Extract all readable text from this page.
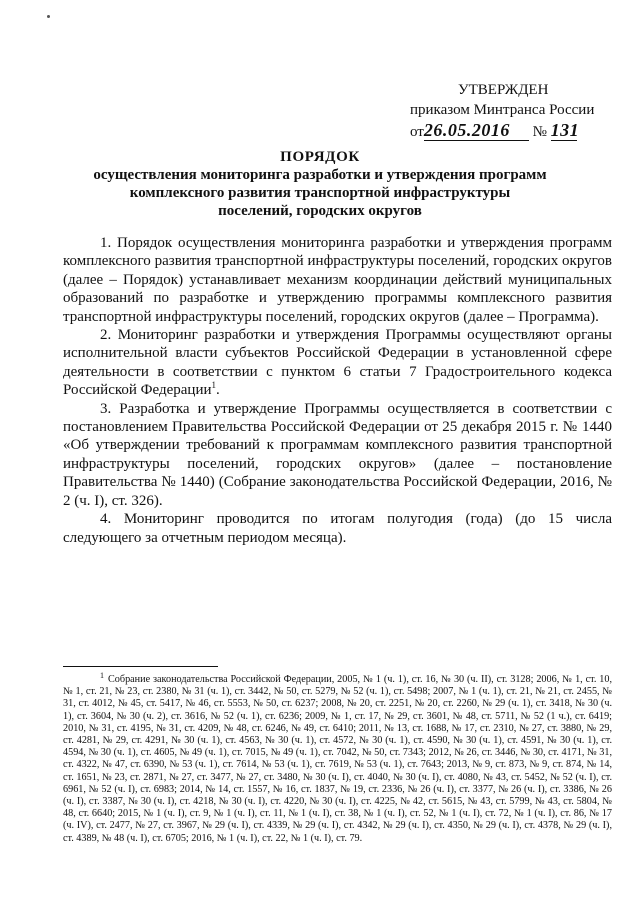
УТВЕРЖДЕН
приказом Минтранса России
от26.05.2016 № 131
ПОРЯДОК
осуществления мониторинга разработки и утверждения программ
комплексного развития транспортной инфраструктуры
поселений, городских округов

1. Порядок осуществления мониторинга разработки и утверждения программ комплексного развития транспортной инфраструктуры поселений, городских округов (далее – Порядок) устанавливает механизм координации действий муниципальных образований по разработке и утверждению программы комплексного развития транспортной инфраструктуры поселений, городских округов (далее – Программа).

2. Мониторинг разработки и утверждения Программы осуществляют органы исполнительной власти субъектов Российской Федерации в установленной сфере деятельности в соответствии с пунктом 6 статьи 7 Градостроительного кодекса Российской Федерации$^1$.

3. Разработка и утверждение Программы осуществляется в соответствии с постановлением Правительства Российской Федерации от 25 декабря 2015 г. № 1440 «Об утверждении требований к программам комплексного развития транспортной инфраструктуры поселений, городских округов» (далее – постановление Правительства № 1440) (Собрание законодательства Российской Федерации, 2016, № 2 (ч. I), ст. 326).

4. Мониторинг проводится по итогам полугодия (года) (до 15 числа следующего за отчетным периодом месяца).

$^1$ Собрание законодательства Российской Федерации, 2005, № 1 (ч. 1), ст. 16, № 30 (ч. II), ст. 3128; 2006, № 1, ст. 10, № 1, ст. 21, № 23, ст. 2380, № 31 (ч. 1), ст. 3442, № 50, ст. 5279, № 52 (ч. 1), ст. 5498; 2007, № 1 (ч. 1), ст. 21, № 21, ст. 2455, № 31, ст. 4012, № 45, ст. 5417, № 46, ст. 5553, № 50, ст. 6237; 2008, № 20, ст. 2251, № 20, ст. 2260, № 29 (ч. 1), ст. 3418, № 30 (ч. 1), ст. 3604, № 30 (ч. 2), ст. 3616, № 52 (ч. 1), ст. 6236; 2009, № 1, ст. 17, № 29, ст. 3601, № 48, ст. 5711, № 52 (1 ч.), ст. 6419; 2010, № 31, ст. 4195, № 31, ст. 4209, № 48, ст. 6246, № 49, ст. 6410; 2011, № 13, ст. 1688, № 17, ст. 2310, № 27, ст. 3880, № 29, ст. 4281, № 29, ст. 4291, № 30 (ч. 1), ст. 4563, № 30 (ч. 1), ст. 4572, № 30 (ч. 1), ст. 4590, № 30 (ч. 1), ст. 4591, № 30 (ч. 1), ст. 4594, № 30 (ч. 1), ст. 4605, № 49 (ч. 1), ст. 7015, № 49 (ч. 1), ст. 7042, № 50, ст. 7343; 2012, № 26, ст. 3446, № 30, ст. 4171, № 31, ст. 4322, № 47, ст. 6390, № 53 (ч. 1), ст. 7614, № 53 (ч. 1), ст. 7619, № 53 (ч. 1), ст. 7643; 2013, № 9, ст. 873, № 9, ст. 874, № 14, ст. 1651, № 23, ст. 2871, № 27, ст. 3477, № 27, ст. 3480, № 30 (ч. I), ст. 4040, № 30 (ч. I), ст. 4080, № 43, ст. 5452, № 52 (ч. I), ст. 6961, № 52 (ч. I), ст. 6983; 2014, № 14, ст. 1557, № 16, ст. 1837, № 19, ст. 2336, № 26 (ч. I), ст. 3377, № 26 (ч. I), ст. 3386, № 26 (ч. I), ст. 3387, № 30 (ч. I), ст. 4218, № 30 (ч. I), ст. 4220, № 30 (ч. I), ст. 4225, № 42, ст. 5615, № 43, ст. 5799, № 43, ст. 5804, № 48, ст. 6640; 2015, № 1 (ч. I), ст. 9, № 1 (ч. I), ст. 11, № 1 (ч. I), ст. 38, № 1 (ч. I), ст. 52, № 1 (ч. I), ст. 72, № 1 (ч. I), ст. 86, № 17 (ч. IV), ст. 2477, № 27, ст. 3967, № 29 (ч. I), ст. 4339, № 29 (ч. I), ст. 4342, № 29 (ч. I), ст. 4350, № 29 (ч. I), ст. 4378, № 29 (ч. I), ст. 4389, № 48 (ч. I), ст. 6705; 2016, № 1 (ч. I), ст. 22, № 1 (ч. I), ст. 79.
